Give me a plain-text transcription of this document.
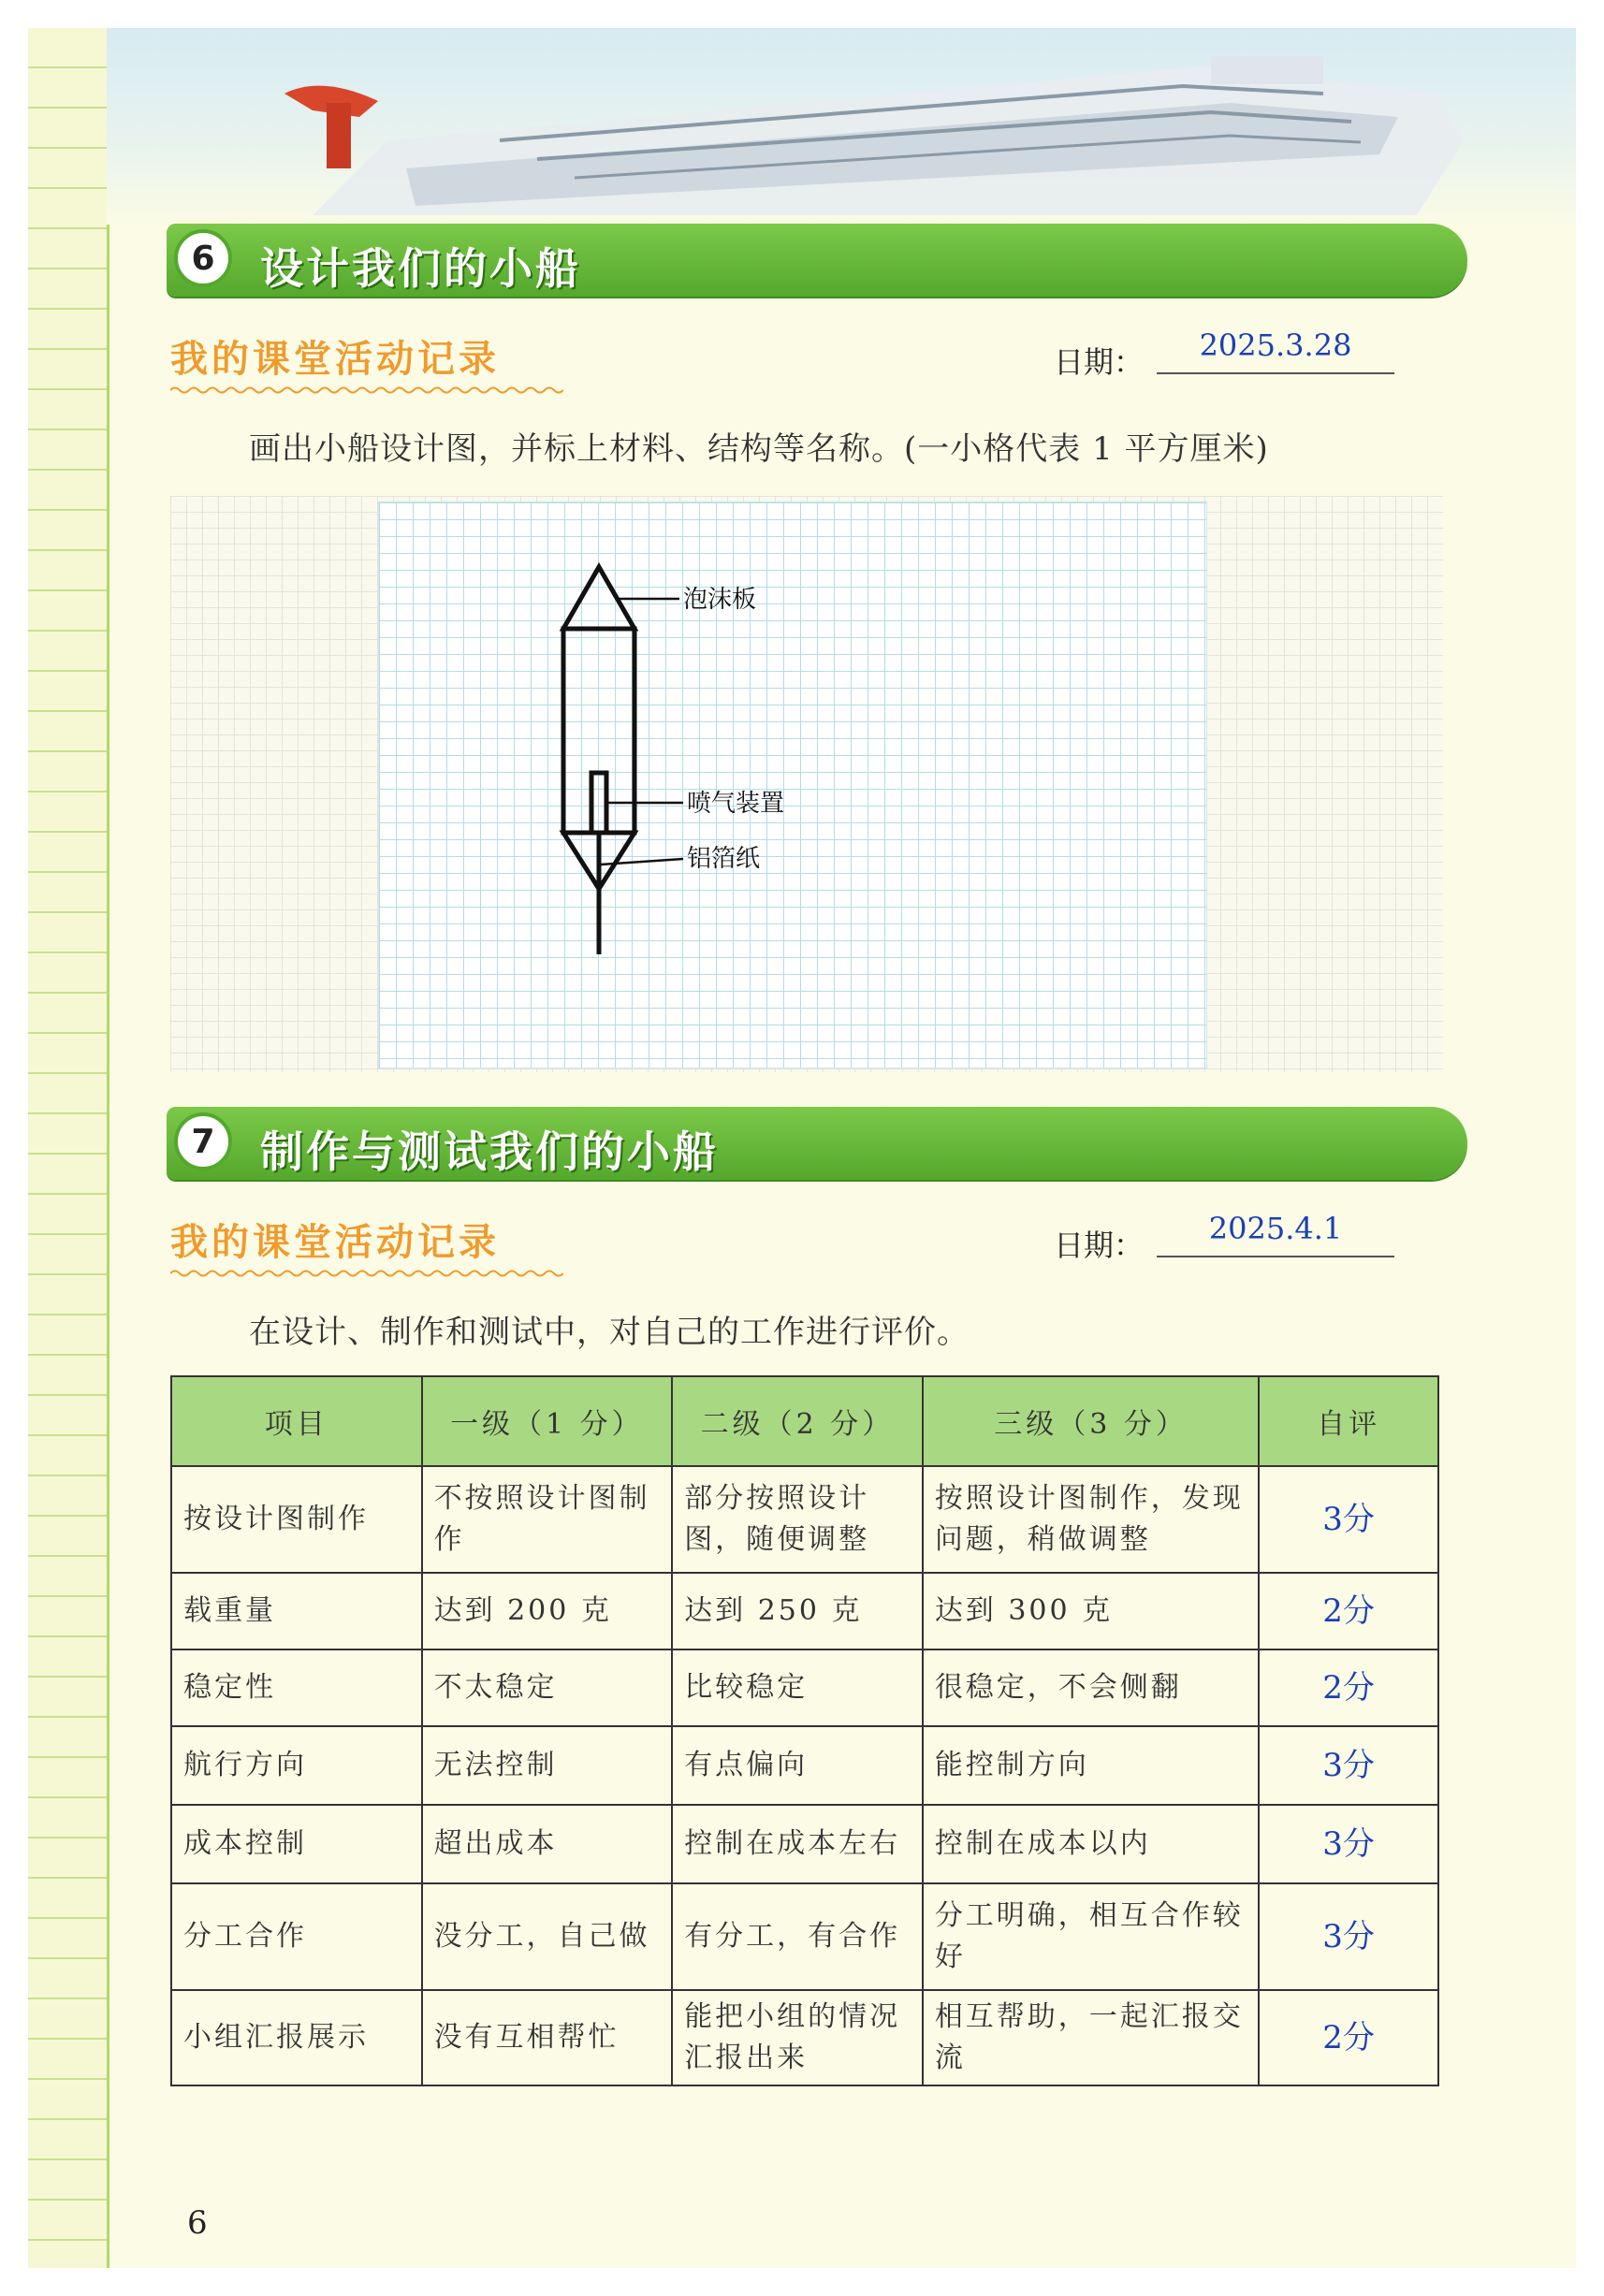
6	设计我们的小船
我的课堂活动记录	日期：	2025.3.28
画出小船设计图，并标上材料、结构等名称。(一小格代表 1 平方厘米)
泡沫板
喷气装置
铝箔纸
7	制作与测试我们的小船
我的课堂活动记录	日期：	2025.4.1
在设计、制作和测试中，对自己的工作进行评价。
项目	一级（1 分）	二级（2 分）	三级（3 分）	自评
按设计图制作	不按照设计图制作	部分按照设计图，随便调整	按照设计图制作，发现问题，稍做调整	3分
载重量	达到 200 克	达到 250 克	达到 300 克	2分
稳定性	不太稳定	比较稳定	很稳定，不会侧翻	2分
航行方向	无法控制	有点偏向	能控制方向	3分
成本控制	超出成本	控制在成本左右	控制在成本以内	3分
分工合作	没分工，自己做	有分工，有合作	分工明确，相互合作较好	3分
小组汇报展示	没有互相帮忙	能把小组的情况汇报出来	相互帮助，一起汇报交流	2分
6
